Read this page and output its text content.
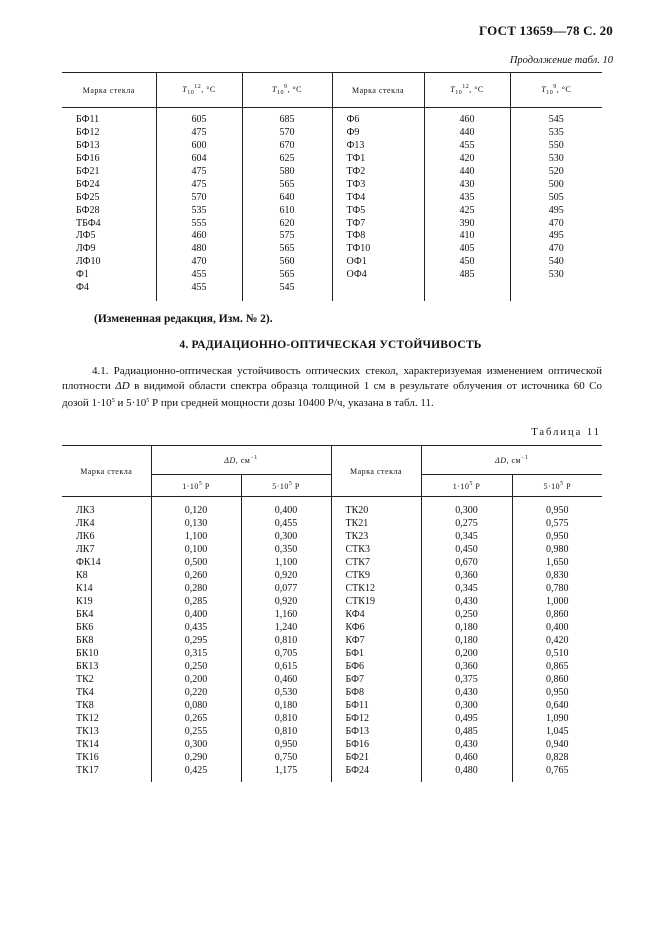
ГОСТ 13659—78 С. 20
Продолжение табл. 10
Марка стекла	$T_{10}^{12}$, °С	$T_{10}^9$, °С	Марка стекла	$T_{10}^{12}$, °С	$T_{10}^9$, °С
БФ11	605	685	Ф6	460	545
БФ12	475	570	Ф9	440	535
БФ13	600	670	Ф13	455	550
БФ16	604	625	ТФ1	420	530
БФ21	475	580	ТФ2	440	520
БФ24	475	565	ТФ3	430	500
БФ25	570	640	ТФ4	435	505
БФ28	535	610	ТФ5	425	495
ТБФ4	555	620	ТФ7	390	470
ЛФ5	460	575	ТФ8	410	495
ЛФ9	480	565	ТФ10	405	470
ЛФ10	470	560	ОФ1	450	540
Ф1	455	565	ОФ4	485	530
Ф4	455	545			
(Измененная редакция, Изм. № 2).
4. РАДИАЦИОННО-ОПТИЧЕСКАЯ УСТОЙЧИВОСТЬ

4.1. Радиационно-оптическая устойчивость оптических стекол, характеризуемая изменением оптической плотности ΔD в видимой области спектра образца толщиной 1 см в результате облучения от источника 60 Со дозой $1\cdot 10^5$ и $5\cdot 10^5$ Р при средней мощности дозы 10400 Р/ч, указана в табл. 11.

Таблица 11
Марка стекла	ΔD, $см^{-1}$		Марка стекла	ΔD, $см^{-1}$
	$1\cdot 10^5$ Р	$5\cdot 10^5$ Р		$1\cdot 10^5$ Р	$5\cdot 10^5$ Р
ЛК3	0,120	0,400	ТК20	0,300	0,950
ЛК4	0,130	0,455	ТК21	0,275	0,575
ЛК6	1,100	0,300	ТК23	0,345	0,950
ЛК7	0,100	0,350	СТК3	0,450	0,980
ФК14	0,500	1,100	СТК7	0,670	1,650
К8	0,260	0,920	СТК9	0,360	0,830
К14	0,280	0,077	СТК12	0,345	0,780
К19	0,285	0,920	СТК19	0,430	1,000
БК4	0,400	1,160	КФ4	0,250	0,860
БК6	0,435	1,240	КФ6	0,180	0,400
БК8	0,295	0,810	КФ7	0,180	0,420
БК10	0,315	0,705	БФ1	0,200	0,510
БК13	0,250	0,615	БФ6	0,360	0,865
ТК2	0,200	0,460	БФ7	0,375	0,860
ТК4	0,220	0,530	БФ8	0,430	0,950
ТК8	0,080	0,180	БФ11	0,300	0,640
ТК12	0,265	0,810	БФ12	0,495	1,090
ТК13	0,255	0,810	БФ13	0,485	1,045
ТК14	0,300	0,950	БФ16	0,430	0,940
ТК16	0,290	0,750	БФ21	0,460	0,828
ТК17	0,425	1,175	БФ24	0,480	0,765
